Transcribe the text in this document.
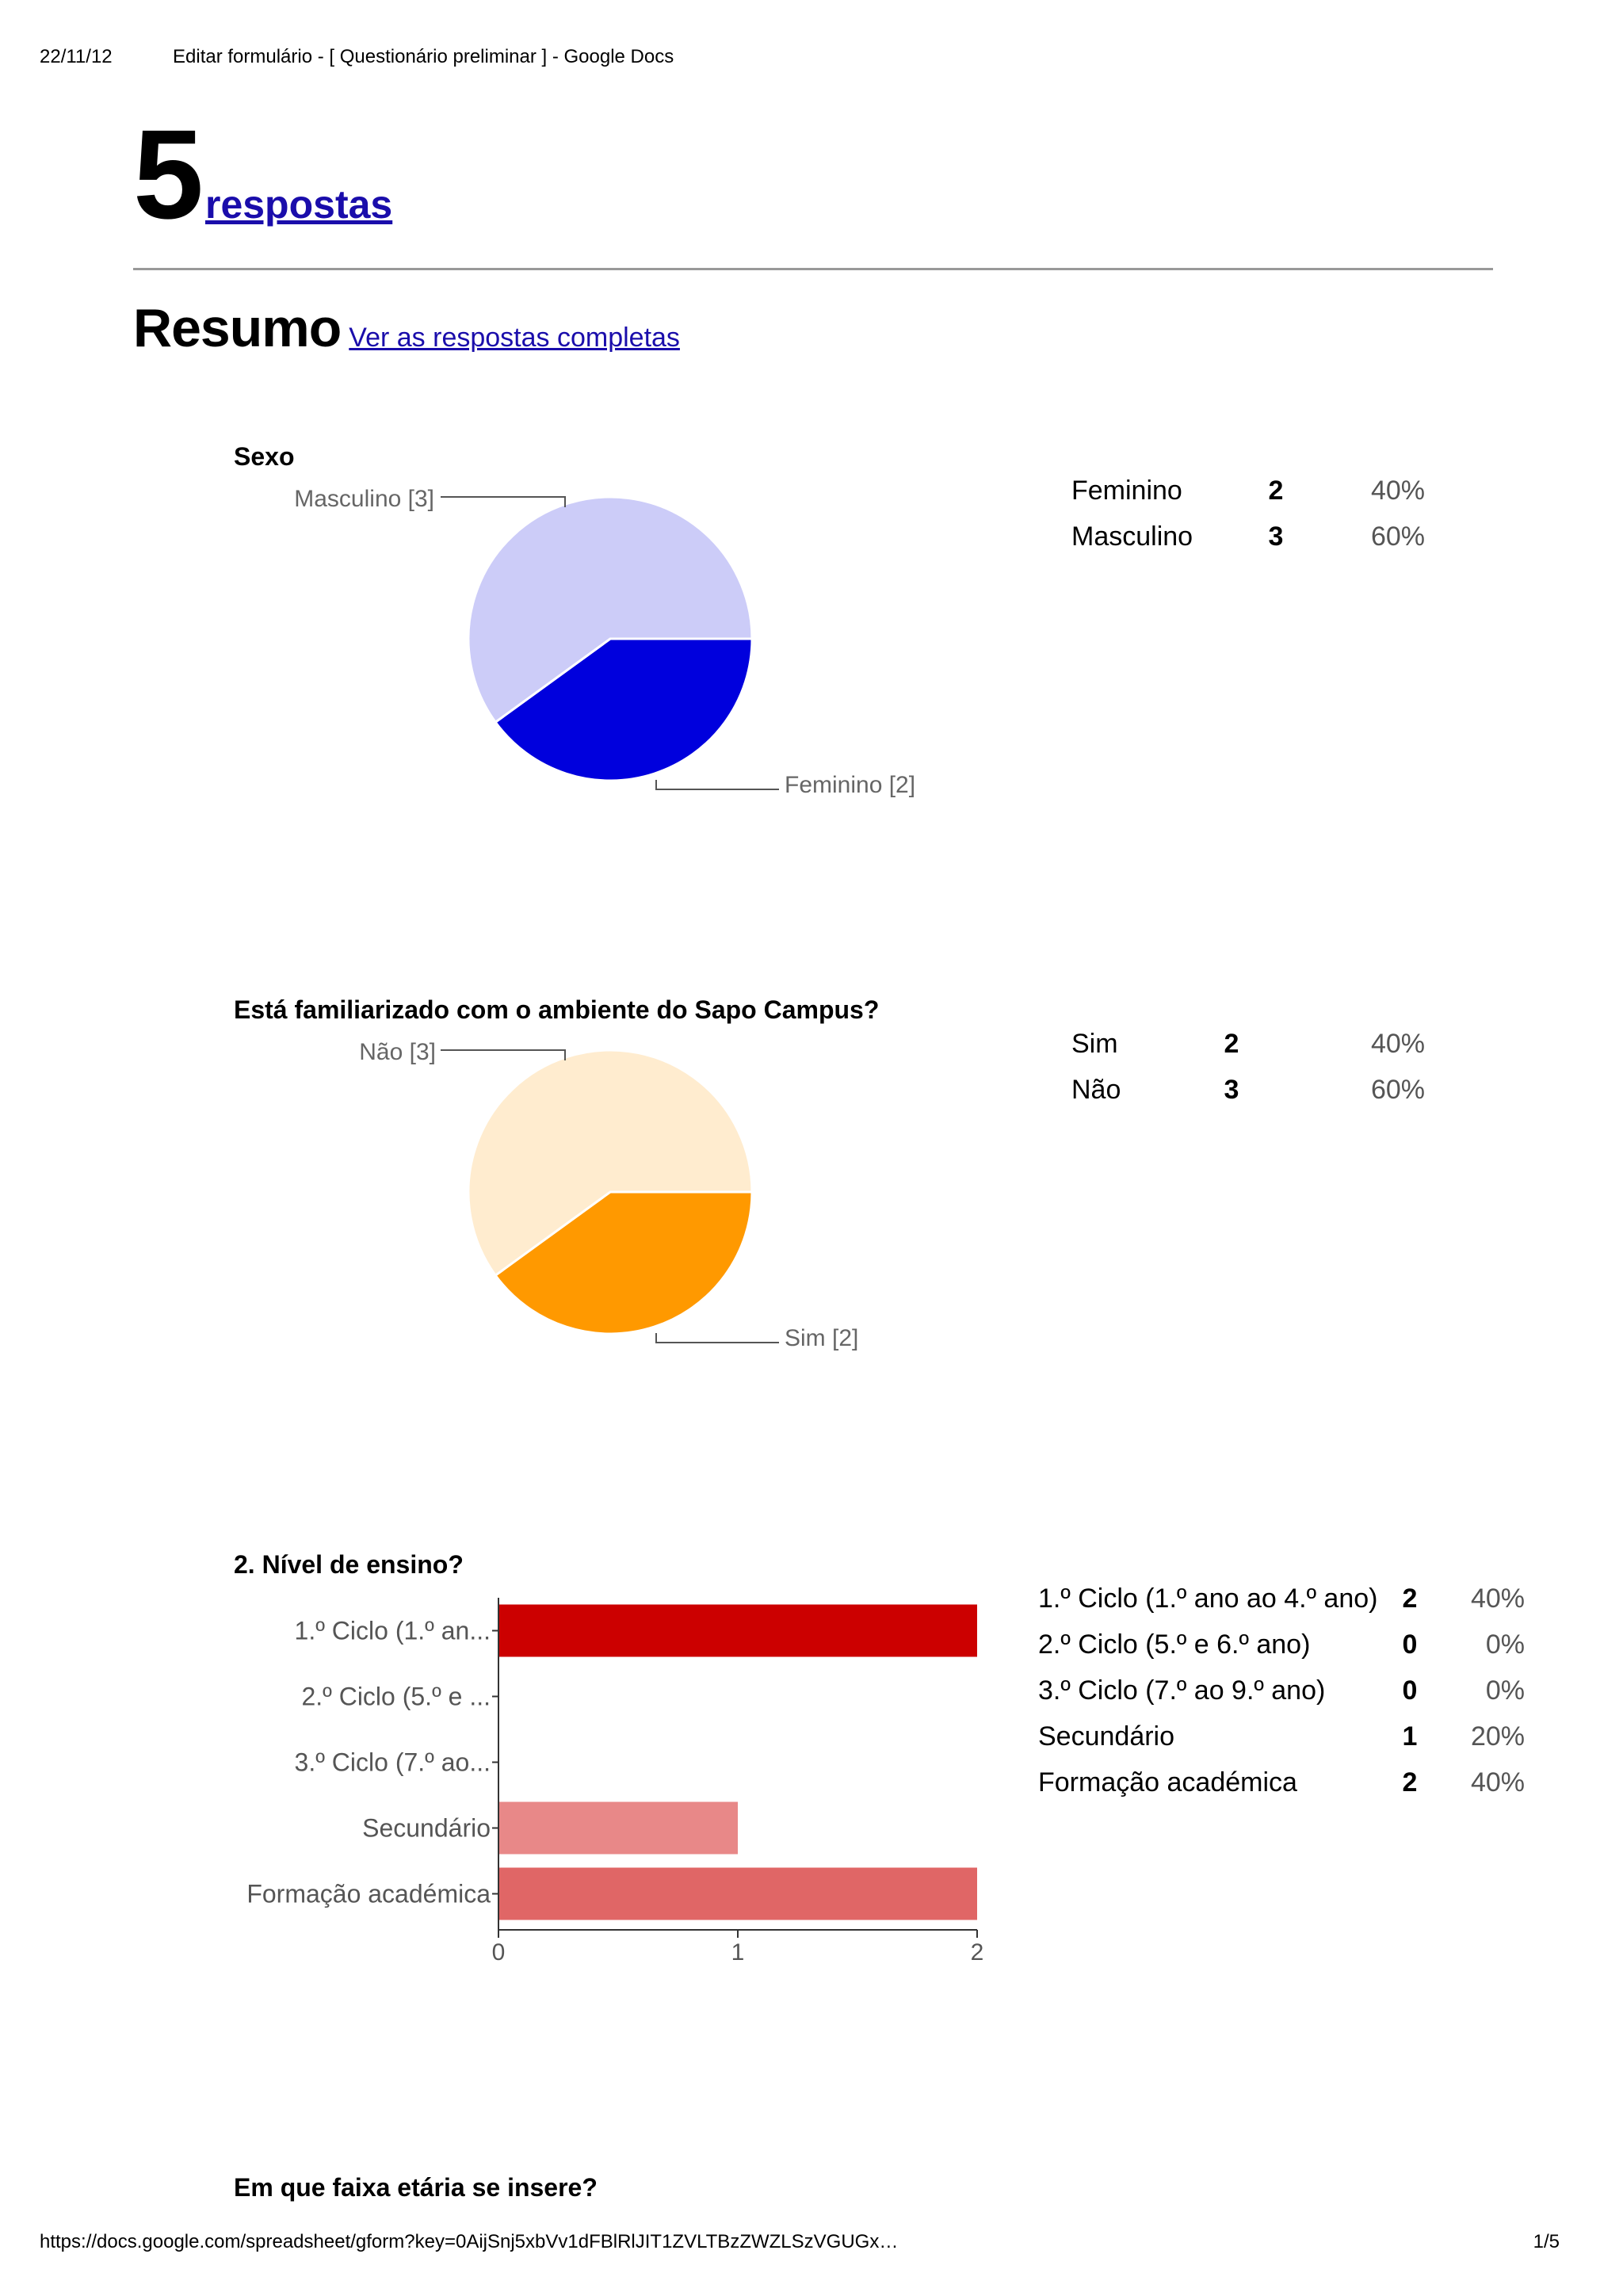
22/11/12	Editar formulário - [ Questionário preliminar ] - Google Docs
5 respostas
Resumo Ver as respostas completas
Sexo
Está familiarizado com o ambiente do Sapo Campus?
2. Nível de ensino?
Em que faixa etária se insere?
Feminino [2]
Masculino [3]
Sim [2]
Não [3]
1.º Ciclo (1.º an...
2.º Ciclo (5.º e ...
3.º Ciclo (7.º ao...
Secundário
Formação académica
0	1	2
Feminino	2	40%
Masculino	3	60%
Sim	2	40%
Não	3	60%
1.º Ciclo (1.º ano ao 4.º ano)	2	40%
2.º Ciclo (5.º e 6.º ano)	0	0%
3.º Ciclo (7.º ao 9.º ano)	0	0%
Secundário	1	20%
Formação académica	2	40%
https://docs.google.com/spreadsheet/gform?key=0AijSnj5xbVv1dFBlRlJIT1ZVLTBzZWZLSzVGUGx…	1/5
